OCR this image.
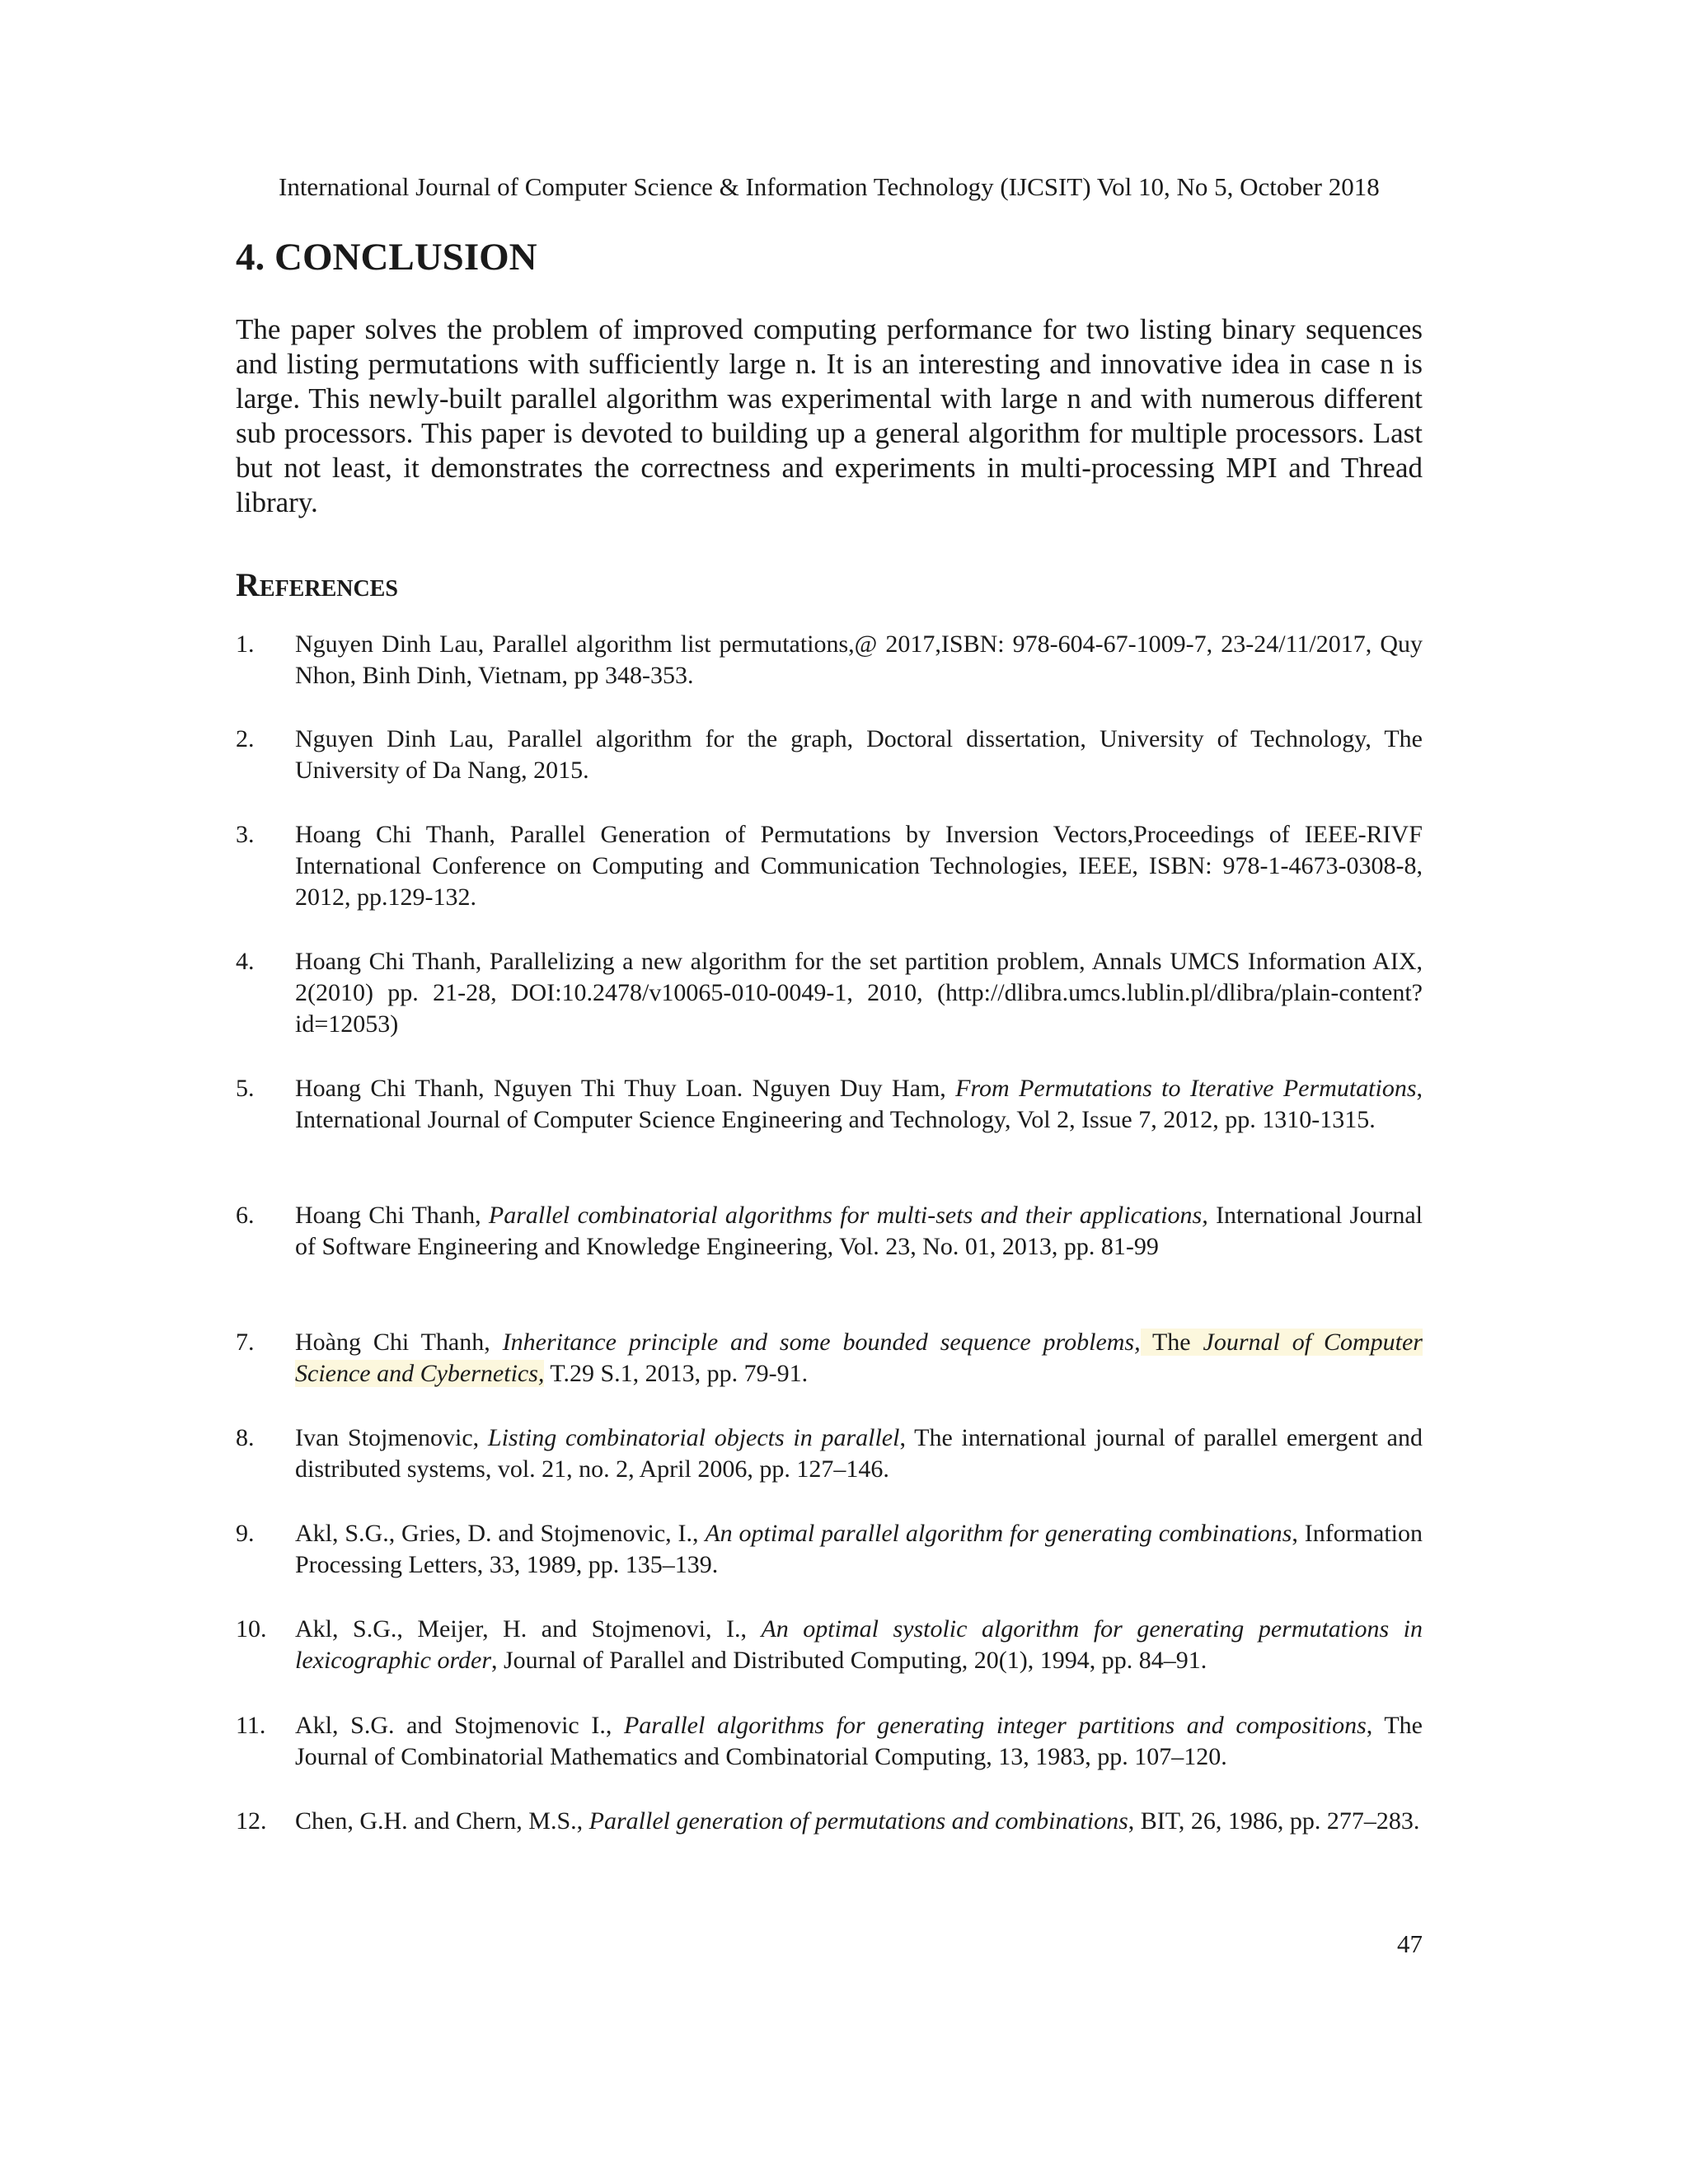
International Journal of Computer Science & Information Technology (IJCSIT) Vol 10, No 5, October 2018
4. CONCLUSION

The paper solves the problem of improved computing performance for two listing binary sequences and listing permutations with sufficiently large n. It is an interesting and innovative idea in case n is large. This newly-built parallel algorithm was experimental with large n and with numerous different sub processors. This paper is devoted to building up a general algorithm for multiple processors. Last but not least, it demonstrates the correctness and experiments in multi-processing MPI and Thread library.

References
1.	Nguyen Dinh Lau, Parallel algorithm list permutations,@ 2017,ISBN: 978-604-67-1009-7, 23-24/11/2017, Quy Nhon, Binh Dinh, Vietnam, pp 348-353.
2.	Nguyen Dinh Lau, Parallel algorithm for the graph, Doctoral dissertation, University of Technology, The University of Da Nang, 2015.
3.	Hoang Chi Thanh, Parallel Generation of Permutations by Inversion Vectors,Proceedings of IEEE-RIVF International Conference on Computing and Communication Technologies, IEEE, ISBN: 978-1-4673-0308-8, 2012, pp.129-132.
4.	Hoang Chi Thanh, Parallelizing a new algorithm for the set partition problem, Annals UMCS Information AIX, 2(2010) pp. 21-28, DOI:10.2478/v10065-010-0049-1, 2010, (http://dlibra.umcs.lublin.pl/dlibra/plain-content?id=12053)
5.	Hoang Chi Thanh, Nguyen Thi Thuy Loan. Nguyen Duy Ham, From Permutations to Iterative Permutations, International Journal of Computer Science Engineering and Technology, Vol 2, Issue 7, 2012, pp. 1310-1315.
6.	Hoang Chi Thanh, Parallel combinatorial algorithms for multi-sets and their applications, International Journal of Software Engineering and Knowledge Engineering, Vol. 23, No. 01, 2013, pp. 81-99
7.	Hoàng Chi Thanh, Inheritance principle and some bounded sequence problems, The Journal of Computer Science and Cybernetics, T.29 S.1, 2013, pp. 79-91.
8.	Ivan Stojmenovic, Listing combinatorial objects in parallel, The international journal of parallel emergent and distributed systems, vol. 21, no. 2, April 2006, pp. 127–146.
9.	Akl, S.G., Gries, D. and Stojmenovic, I., An optimal parallel algorithm for generating combinations, Information Processing Letters, 33, 1989, pp. 135–139.
10.	Akl, S.G., Meijer, H. and Stojmenovi, I., An optimal systolic algorithm for generating permutations in lexicographic order, Journal of Parallel and Distributed Computing, 20(1), 1994, pp. 84–91.
11.	Akl, S.G. and Stojmenovic I., Parallel algorithms for generating integer partitions and compositions, The Journal of Combinatorial Mathematics and Combinatorial Computing, 13, 1983, pp. 107–120.
12.	Chen, G.H. and Chern, M.S., Parallel generation of permutations and combinations, BIT, 26, 1986, pp. 277–283.
47
